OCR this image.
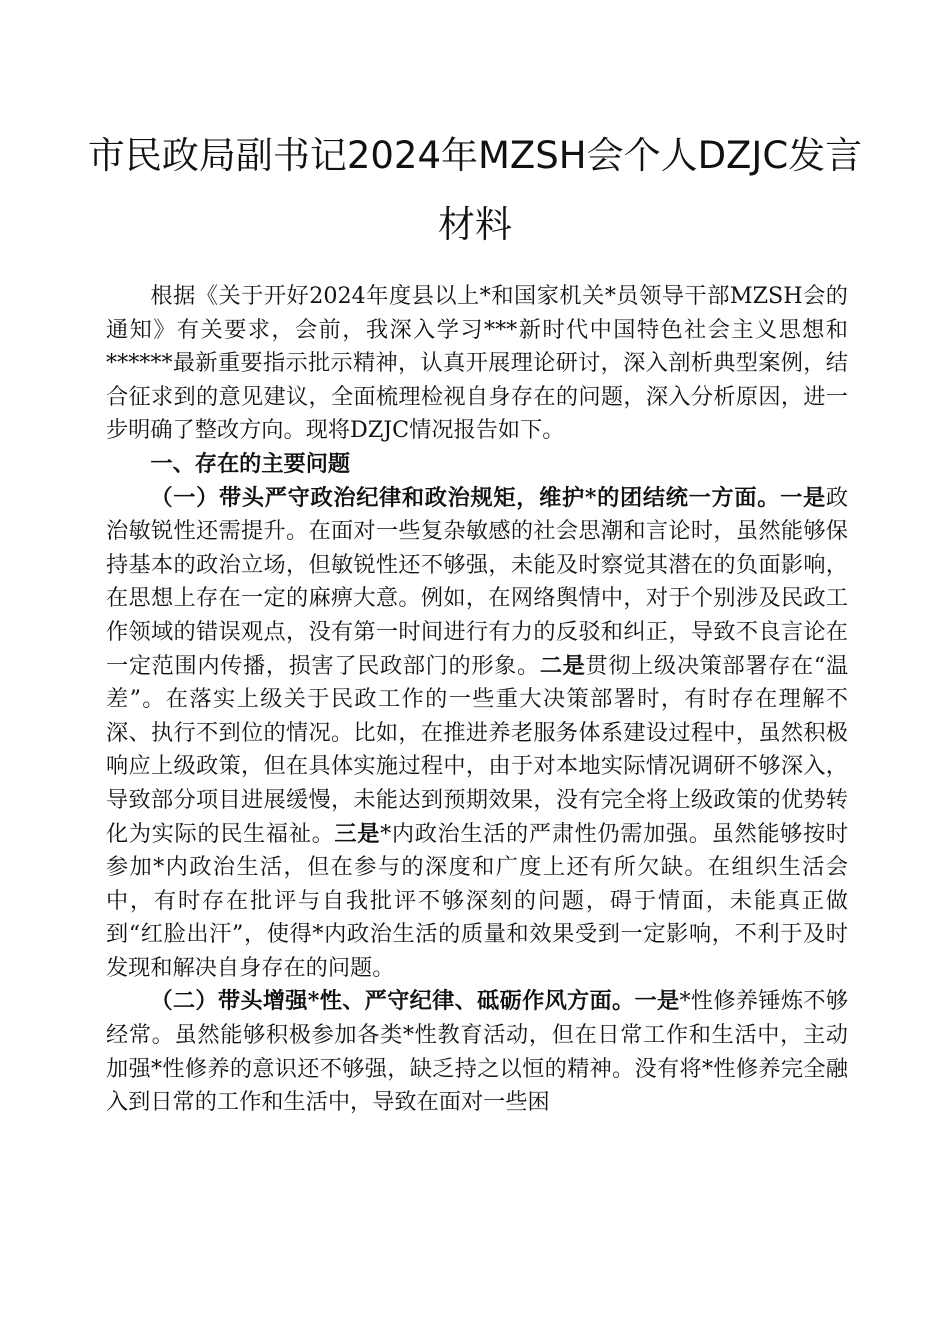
市民政局副书记2024年MZSH会个人DZJC发言
材料

根据《关于开好2024年度县以上*和国家机关*员领导干部MZSH会的通知》有关要求，会前，我深入学习***新时代中国特色社会主义思想和******最新重要指示批示精神，认真开展理论研讨，深入剖析典型案例，结合征求到的意见建议，全面梳理检视自身存在的问题，深入分析原因，进一步明确了整改方向。现将DZJC情况报告如下。

一、存在的主要问题

（一）带头严守政治纪律和政治规矩，维护*的团结统一方面。一是政治敏锐性还需提升。在面对一些复杂敏感的社会思潮和言论时，虽然能够保持基本的政治立场，但敏锐性还不够强，未能及时察觉其潜在的负面影响，在思想上存在一定的麻痹大意。例如，在网络舆情中，对于个别涉及民政工作领域的错误观点，没有第一时间进行有力的反驳和纠正，导致不良言论在一定范围内传播，损害了民政部门的形象。二是贯彻上级决策部署存在“温差”。在落实上级关于民政工作的一些重大决策部署时，有时存在理解不深、执行不到位的情况。比如，在推进养老服务体系建设过程中，虽然积极响应上级政策，但在具体实施过程中，由于对本地实际情况调研不够深入，导致部分项目进展缓慢，未能达到预期效果，没有完全将上级政策的优势转化为实际的民生福祉。三是*内政治生活的严肃性仍需加强。虽然能够按时参加*内政治生活，但在参与的深度和广度上还有所欠缺。在组织生活会中，有时存在批评与自我批评不够深刻的问题，碍于情面，未能真正做到“红脸出汗”，使得*内政治生活的质量和效果受到一定影响，不利于及时发现和解决自身存在的问题。

（二）带头增强*性、严守纪律、砥砺作风方面。一是*性修养锤炼不够经常。虽然能够积极参加各类*性教育活动，但在日常工作和生活中，主动加强*性修养的意识还不够强，缺乏持之以恒的精神。没有将*性修养完全融入到日常的工作和生活中，导致在面对一些困
